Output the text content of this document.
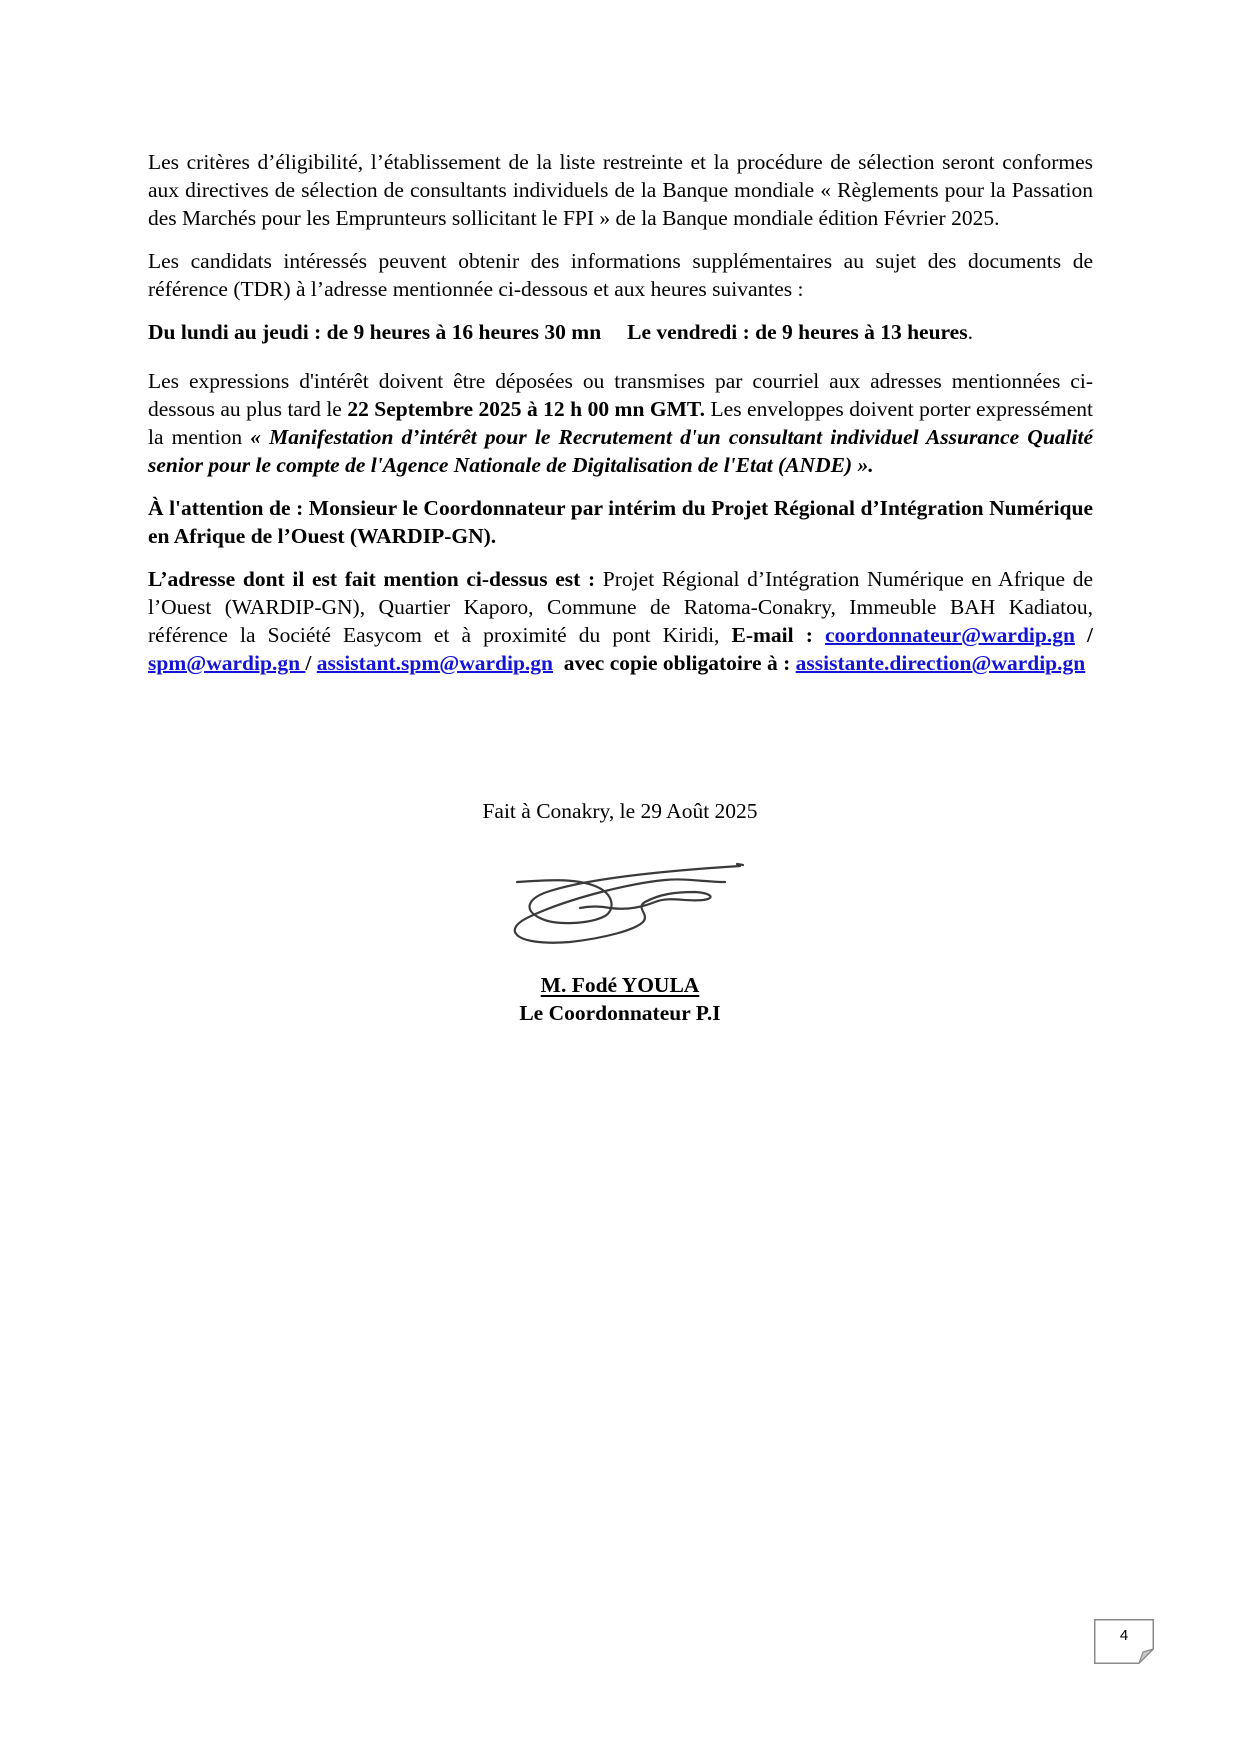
Les critères d’éligibilité, l’établissement de la liste restreinte et la procédure de sélection seront conformes aux directives de sélection de consultants individuels de la Banque mondiale « Règlements pour la Passation des Marchés pour les Emprunteurs sollicitant le FPI » de la Banque mondiale édition Février 2025.

Les candidats intéressés peuvent obtenir des informations supplémentaires au sujet des documents de référence (TDR) à l’adresse mentionnée ci-dessous et aux heures suivantes :

Du lundi au jeudi : de 9 heures à 16 heures 30 mn Le vendredi : de 9 heures à 13 heures.

Les expressions d'intérêt doivent être déposées ou transmises par courriel aux adresses mentionnées ci-dessous au plus tard le 22 Septembre 2025 à 12 h 00 mn GMT. Les enveloppes doivent porter expressément la mention « Manifestation d’intérêt pour le Recrutement d'un consultant individuel Assurance Qualité senior pour le compte de l'Agence Nationale de Digitalisation de l'Etat (ANDE) ».

À l'attention de : Monsieur le Coordonnateur par intérim du Projet Régional d’Intégration Numérique en Afrique de l’Ouest (WARDIP-GN).

L’adresse dont il est fait mention ci-dessus est : Projet Régional d’Intégration Numérique en Afrique de l’Ouest (WARDIP-GN), Quartier Kaporo, Commune de Ratoma-Conakry, Immeuble BAH Kadiatou, référence la Société Easycom et à proximité du pont Kiridi, E-mail : coordonnateur@wardip.gn / spm@wardip.gn / assistant.spm@wardip.gn avec copie obligatoire à : assistante.direction@wardip.gn

Fait à Conakry, le 29 Août 2025
M. Fodé YOULA
Le Coordonnateur P.I
4
